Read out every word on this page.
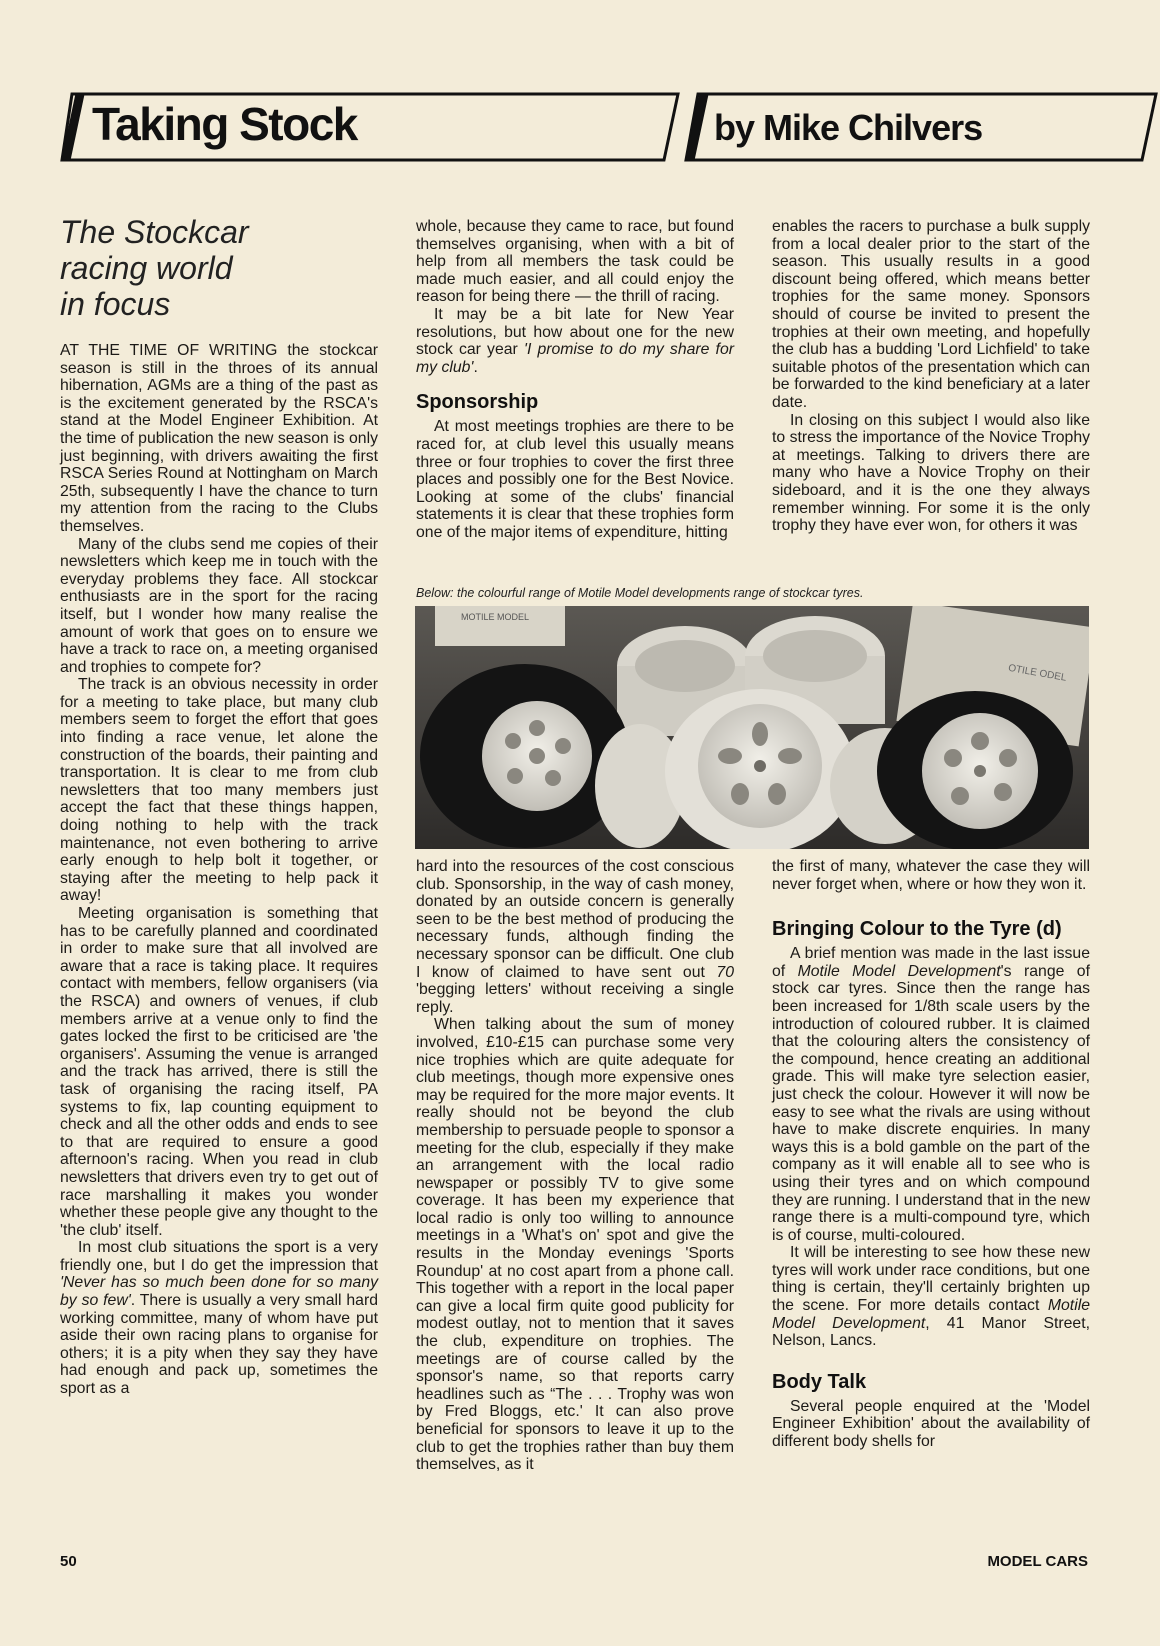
Taking Stock	by Mike Chilvers
The Stockcar
racing world
in focus

AT THE TIME OF WRITING the stockcar season is still in the throes of its annual hibernation, AGMs are a thing of the past as is the excitement generated by the RSCA's stand at the Model Engineer Exhibition. At the time of publication the new season is only just beginning, with drivers awaiting the first RSCA Series Round at Nottingham on March 25th, subsequently I have the chance to turn my attention from the racing to the Clubs themselves.

Many of the clubs send me copies of their newsletters which keep me in touch with the everyday problems they face. All stockcar enthusiasts are in the sport for the racing itself, but I wonder how many realise the amount of work that goes on to ensure we have a track to race on, a meeting organised and trophies to compete for?

The track is an obvious necessity in order for a meeting to take place, but many club members seem to forget the effort that goes into finding a race venue, let alone the construction of the boards, their painting and transportation. It is clear to me from club newsletters that too many members just accept the fact that these things happen, doing nothing to help with the track maintenance, not even bothering to arrive early enough to help bolt it together, or staying after the meeting to help pack it away!

Meeting organisation is something that has to be carefully planned and coordinated in order to make sure that all involved are aware that a race is taking place. It requires contact with members, fellow organisers (via the RSCA) and owners of venues, if club members arrive at a venue only to find the gates locked the first to be criticised are 'the organisers'. Assuming the venue is arranged and the track has arrived, there is still the task of organising the racing itself, PA systems to fix, lap counting equipment to check and all the other odds and ends to see to that are required to ensure a good afternoon's racing. When you read in club newsletters that drivers even try to get out of race marshalling it makes you wonder whether these people give any thought to the 'the club' itself.

In most club situations the sport is a very friendly one, but I do get the impression that 'Never has so much been done for so many by so few'. There is usually a very small hard working committee, many of whom have put aside their own racing plans to organise for others; it is a pity when they say they have had enough and pack up, sometimes the sport as a

whole, because they came to race, but found themselves organising, when with a bit of help from all members the task could be made much easier, and all could enjoy the reason for being there — the thrill of racing.

It may be a bit late for New Year resolutions, but how about one for the new stock car year 'I promise to do my share for my club'.

Sponsorship

At most meetings trophies are there to be raced for, at club level this usually means three or four trophies to cover the first three places and possibly one for the Best Novice. Looking at some of the clubs' financial statements it is clear that these trophies form one of the major items of expenditure, hitting

enables the racers to purchase a bulk supply from a local dealer prior to the start of the season. This usually results in a good discount being offered, which means better trophies for the same money. Sponsors should of course be invited to present the trophies at their own meeting, and hopefully the club has a budding 'Lord Lichfield' to take suitable photos of the presentation which can be forwarded to the kind beneficiary at a later date.

In closing on this subject I would also like to stress the importance of the Novice Trophy at meetings. Talking to drivers there are many who have a Novice Trophy on their sideboard, and it is the one they always remember winning. For some it is the only trophy they have ever won, for others it was

Below: the colourful range of Motile Model developments range of stockcar tyres.
MOTILE MODEL
OTILE ODEL

hard into the resources of the cost conscious club. Sponsorship, in the way of cash money, donated by an outside concern is generally seen to be the best method of producing the necessary funds, although finding the necessary sponsor can be difficult. One club I know of claimed to have sent out 70 'begging letters' without receiving a single reply.

When talking about the sum of money involved, £10-£15 can purchase some very nice trophies which are quite adequate for club meetings, though more expensive ones may be required for the more major events. It really should not be beyond the club membership to persuade people to sponsor a meeting for the club, especially if they make an arrangement with the local radio newspaper or possibly TV to give some coverage. It has been my experience that local radio is only too willing to announce meetings in a 'What's on' spot and give the results in the Monday evenings 'Sports Roundup' at no cost apart from a phone call. This together with a report in the local paper can give a local firm quite good publicity for modest outlay, not to mention that it saves the club, expenditure on trophies. The meetings are of course called by the sponsor's name, so that reports carry headlines such as “The . . . Trophy was won by Fred Bloggs, etc.' It can also prove beneficial for sponsors to leave it up to the club to get the trophies rather than buy them themselves, as it

the first of many, whatever the case they will never forget when, where or how they won it.

Bringing Colour to the Tyre (d)

A brief mention was made in the last issue of Motile Model Development's range of stock car tyres. Since then the range has been increased for 1/8th scale users by the introduction of coloured rubber. It is claimed that the colouring alters the consistency of the compound, hence creating an additional grade. This will make tyre selection easier, just check the colour. However it will now be easy to see what the rivals are using without have to make discrete enquiries. In many ways this is a bold gamble on the part of the company as it will enable all to see who is using their tyres and on which compound they are running. I understand that in the new range there is a multi-compound tyre, which is of course, multi-coloured.

It will be interesting to see how these new tyres will work under race conditions, but one thing is certain, they'll certainly brighten up the scene. For more details contact Motile Model Development, 41 Manor Street, Nelson, Lancs.

Body Talk

Several people enquired at the 'Model Engineer Exhibition' about the availability of different body shells for

50	MODEL CARS
